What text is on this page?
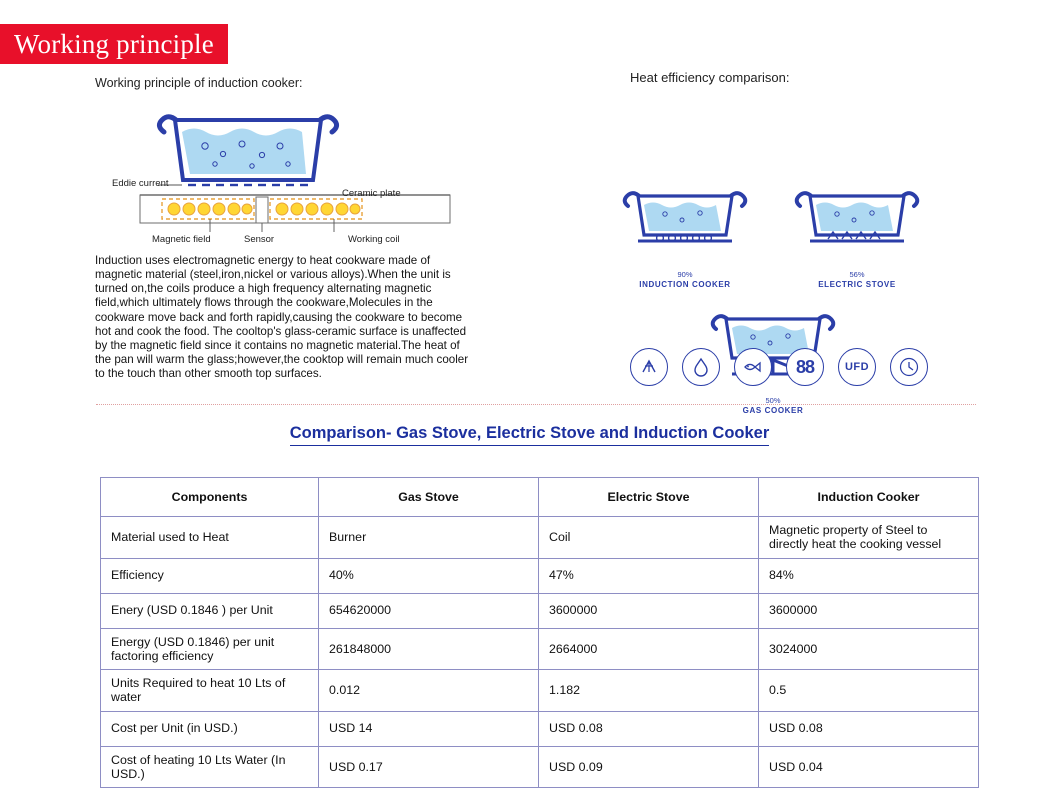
Working principle
Working principle of induction cooker:	Heat efficiency comparison:
Eddie current
Ceramic plate
Magnetic field	Sensor	Working coil
Induction uses electromagnetic energy to heat cookware made of magnetic material (steel,iron,nickel or various alloys).When the unit is turned on,the coils produce a high frequency alternating magnetic field,which ultimately flows through the cookware,Molecules in the cookware move back and forth rapidly,causing the cookware to become hot and cook the food. The cooltop's glass-ceramic surface is unaffected by the magnetic field since it contains no magnetic material.The heat of the pan will warm the glass;however,the cooktop will remain much cooler to the touch than other smooth top surfaces.
90%
INDUCTION COOKER
56%
ELECTRIC STOVE
50%
GAS COOKER
88	UFD
Comparison- Gas Stove, Electric Stove and Induction Cooker
Components	Gas Stove	Electric Stove	Induction Cooker
Material used to Heat	Burner	Coil	Magnetic property of Steel to directly heat the cooking vessel
Efficiency	40%	47%	84%
Enery (USD 0.1846 ) per Unit	654620000	3600000	3600000
Energy (USD 0.1846) per unit factoring efficiency	261848000	2664000	3024000
Units Required to heat 10 Lts of water	0.012	1.182	0.5
Cost per Unit (in USD.)	USD 14	USD 0.08	USD 0.08
Cost of heating 10 Lts Water (In USD.)	USD 0.17	USD 0.09	USD 0.04
